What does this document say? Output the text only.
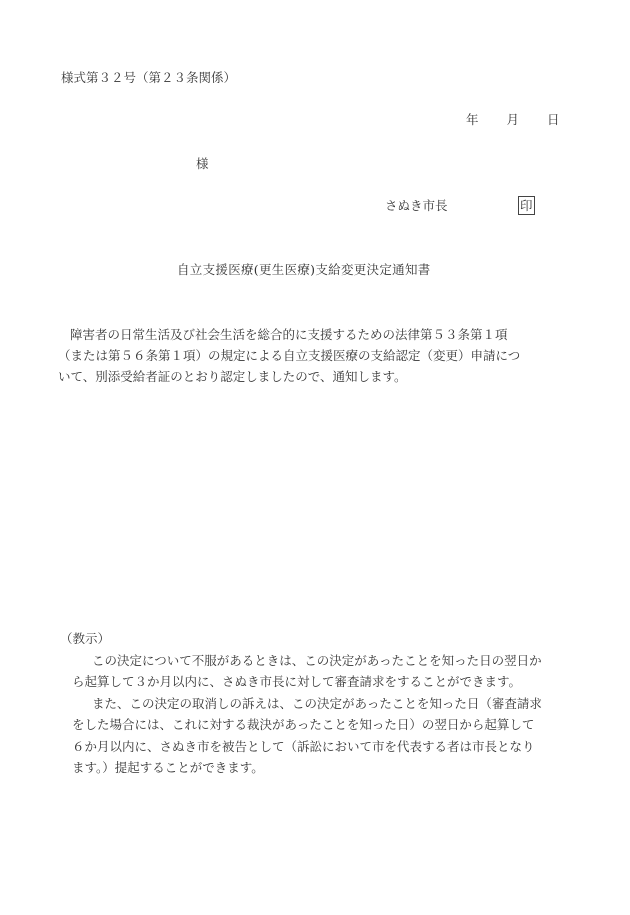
様式第３２号（第２３条関係）
年 月 日
様
さぬき市長	印
自立支援医療(更生医療)支給変更決定通知書
障害者の日常生活及び社会生活を総合的に支援するための法律第５３条第１項
（または第５６条第１項）の規定による自立支援医療の支給認定（変更）申請につ
いて、別添受給者証のとおり認定しましたので、通知します。
（教示）
この決定について不服があるときは、この決定があったことを知った日の翌日か
ら起算して３か月以内に、さぬき市長に対して審査請求をすることができます。
また、この決定の取消しの訴えは、この決定があったことを知った日（審査請求
をした場合には、これに対する裁決があったことを知った日）の翌日から起算して
６か月以内に、さぬき市を被告として（訴訟において市を代表する者は市長となり
ます。）提起することができます。
